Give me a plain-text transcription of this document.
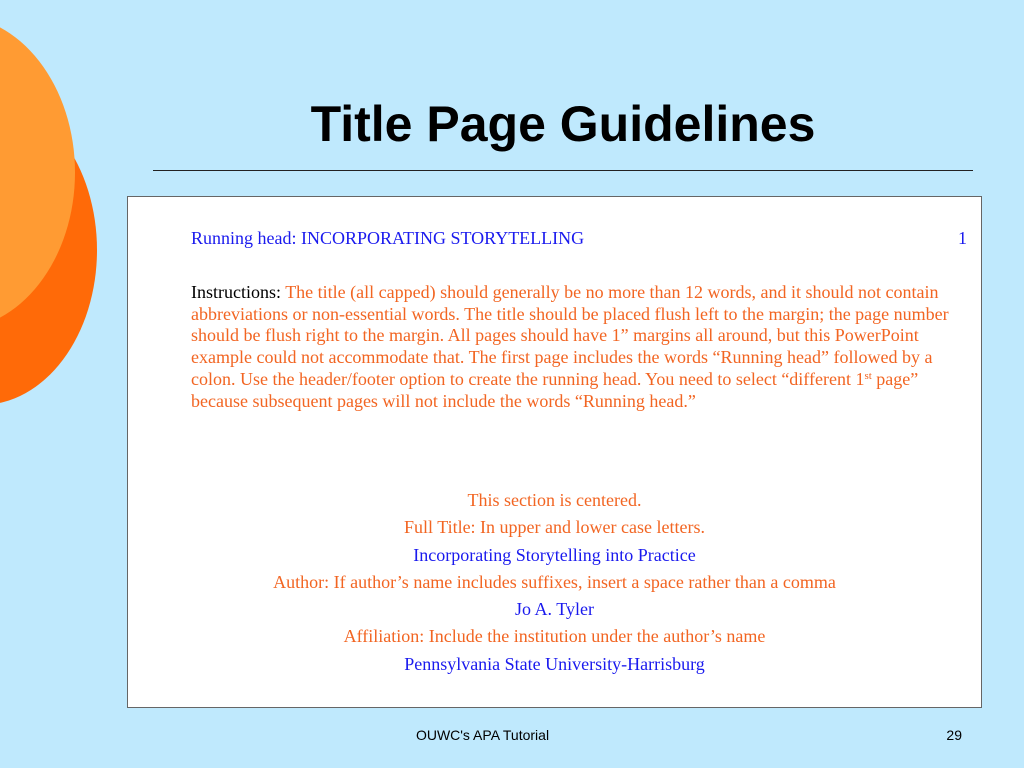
Title Page Guidelines
Running head: INCORPORATING STORYTELLING	1
Instructions: The title (all capped) should generally be no more than 12 words, and it should not contain abbreviations or non-essential words. The title should be placed flush left to the margin; the page number should be flush right to the margin. All pages should have 1” margins all around, but this PowerPoint example could not accommodate that. The first page includes the words “Running head” followed by a colon. Use the header/footer option to create the running head. You need to select “different 1st page” because subsequent pages will not include the words “Running head.”
This section is centered.
Full Title: In upper and lower case letters.
Incorporating Storytelling into Practice
Author: If author’s name includes suffixes, insert a space rather than a comma
Jo A. Tyler
Affiliation: Include the institution under the author’s name
Pennsylvania State University-Harrisburg
OUWC's APA Tutorial	29
